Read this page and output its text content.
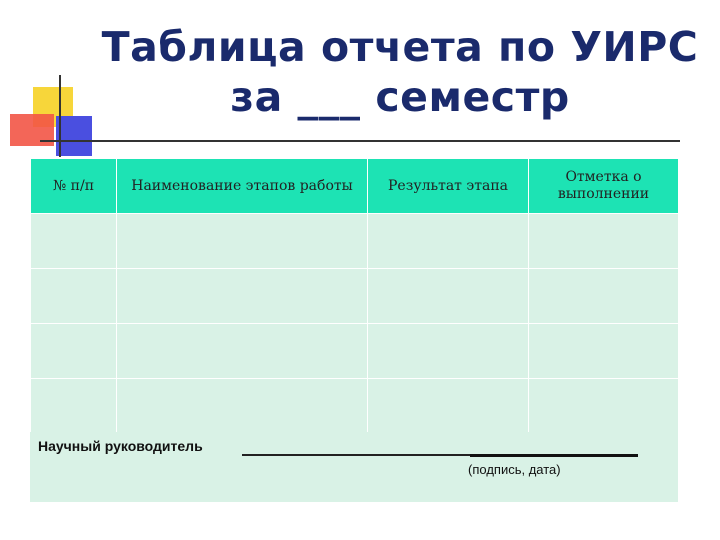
Таблица отчета по УИРС
за ___ семестр
№ п/п	Наименование этапов работы	Результат этапа	Отметка о выполнении

Научный руководитель
(подпись, дата)
